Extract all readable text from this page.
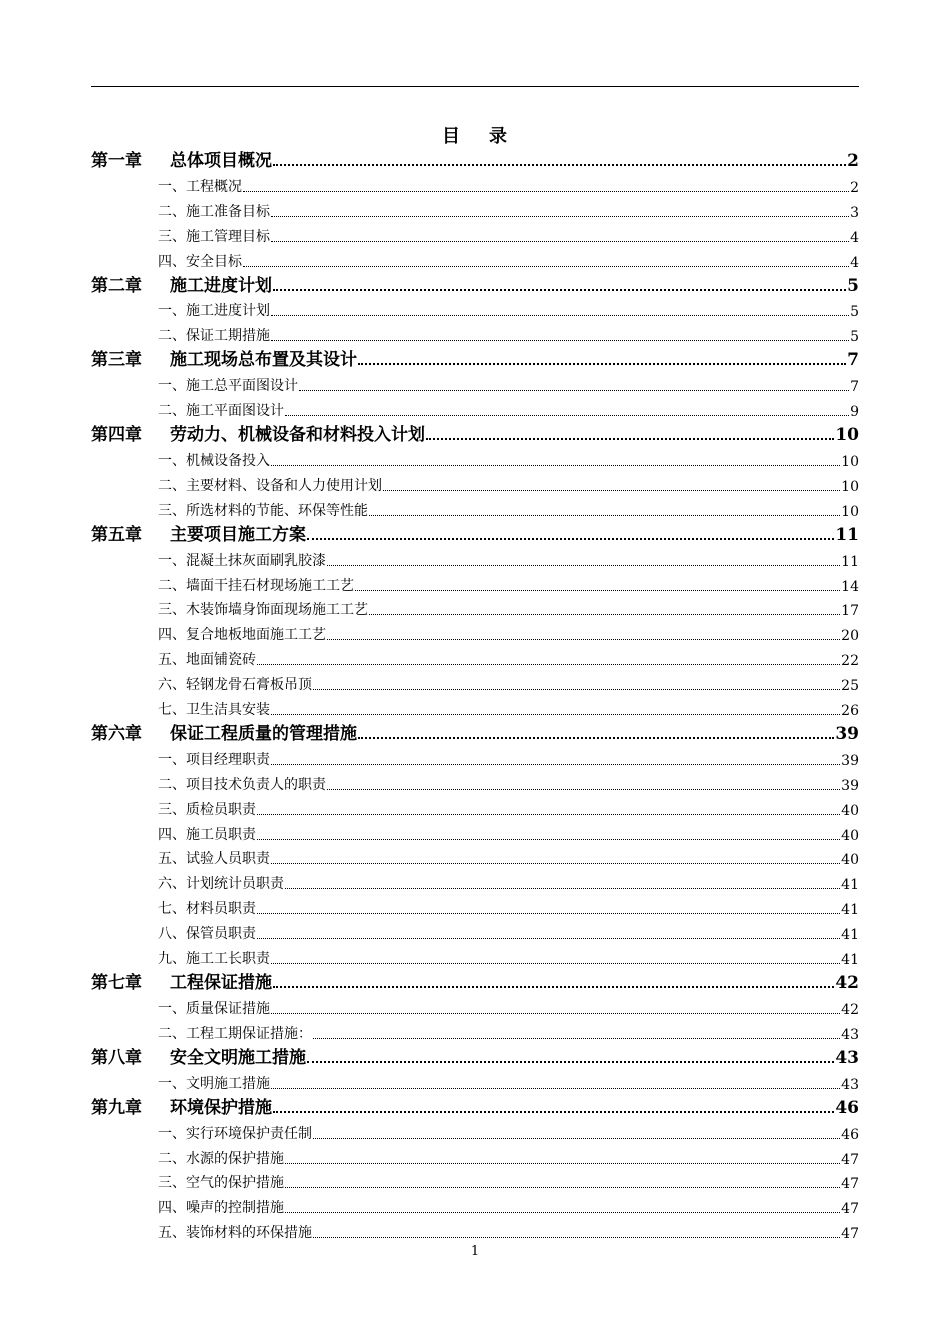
目 录
第一章	总体项目概况	2
一、工程概况	2
二、施工准备目标	3
三、施工管理目标	4
四、安全目标	4
第二章	施工进度计划	5
一、施工进度计划	5
二、保证工期措施	5
第三章	施工现场总布置及其设计	7
一、施工总平面图设计	7
二、施工平面图设计	9
第四章	劳动力、机械设备和材料投入计划	10
一、机械设备投入	10
二、主要材料、设备和人力使用计划	10
三、所选材料的节能、环保等性能	10
第五章	主要项目施工方案	11
一、混凝土抹灰面刷乳胶漆	11
二、墙面干挂石材现场施工工艺	14
三、木装饰墙身饰面现场施工工艺	17
四、复合地板地面施工工艺	20
五、地面铺瓷砖	22
六、轻钢龙骨石膏板吊顶	25
七、卫生洁具安装	26
第六章	保证工程质量的管理措施	39
一、项目经理职责	39
二、项目技术负责人的职责	39
三、质检员职责	40
四、施工员职责	40
五、试验人员职责	40
六、计划统计员职责	41
七、材料员职责	41
八、保管员职责	41
九、施工工长职责	41
第七章	工程保证措施	42
一、质量保证措施	42
二、工程工期保证措施：	43
第八章	安全文明施工措施	43
一、文明施工措施	43
第九章	环境保护措施	46
一、实行环境保护责任制	46
二、水源的保护措施	47
三、空气的保护措施	47
四、噪声的控制措施	47
五、装饰材料的环保措施	47
1
